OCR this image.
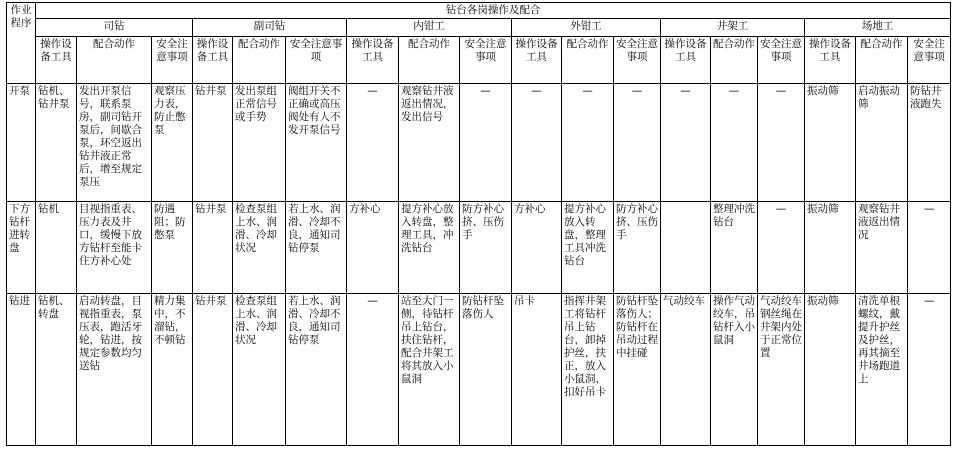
作业程序	钻台各岗操作及配合																	
	司钻			副司钻			内钳工			外钳工			井架工			场地工		
	操作设备工具	配合动作	安全注意事项	操作设备工具	配合动作	安全注意事项	操作设备工具	配合动作	安全注意事项	操作设备工具	配合动作	安全注意事项	操作设备工具	配合动作	安全注意事项	操作设备工具	配合动作	安全注意事项
开泵	钻机、钻井泵	发出开泵信号，联系泵房，副司钻开泵后，间歇合泵，环空返出钻井液正常后，增至规定泵压	观察压力表，防止憋泵	钻井泵	发出泵组正常信号或手势	阀组开关不正确或高压阀处有人不发开泵信号	—	观察钻井液返出情况，发出信号	—	—	—	—	—	—	—	振动筛	启动振动筛	防钻井液跑失
下方钻杆进转盘	钻机	目视指重表、压力表及井口，缓慢下放方钻杆至能卡住方补心处	防遇阻；防憋泵	钻井泵	检查泵组上水、润滑、冷却状况	若上水、润滑、冷却不良，通知司钻停泵	方补心	提方补心放入转盘，整理工具，冲洗钻台	防方补心挤、压伤手	方补心	提方补心放入转盘，整理工具冲洗钻台	防方补心挤、压伤手		整理冲洗钻台	—	振动筛	观察钻井液返出情况	—
钻进	钻机、转盘	启动转盘，目视指重表，泵压表，跑活牙轮，钻进，按规定参数均匀送钻	精力集中，不溜钻，不顿钻	钻井泵	检查泵组上水、润滑、冷却状况	若上水、润滑、冷却不良，通知司钻停泵	—	站至大门一侧，待钻杆吊上钻台，扶住钻杆，配合井架工将其放入小鼠洞	防钻杆坠落伤人	吊卡	指挥井架工将钻杆吊上钻台，卸掉护丝，扶正，放入小鼠洞，扣好吊卡	防钻杆坠落伤人；防钻杆在吊动过程中挂碰	气动绞车	操作气动绞车，吊钻杆入小鼠洞	气动绞车钢丝绳在井架内处于正常位置	振动筛	清洗单根螺纹，戴提升护丝及护丝，再其摘至井场跑道上	—
